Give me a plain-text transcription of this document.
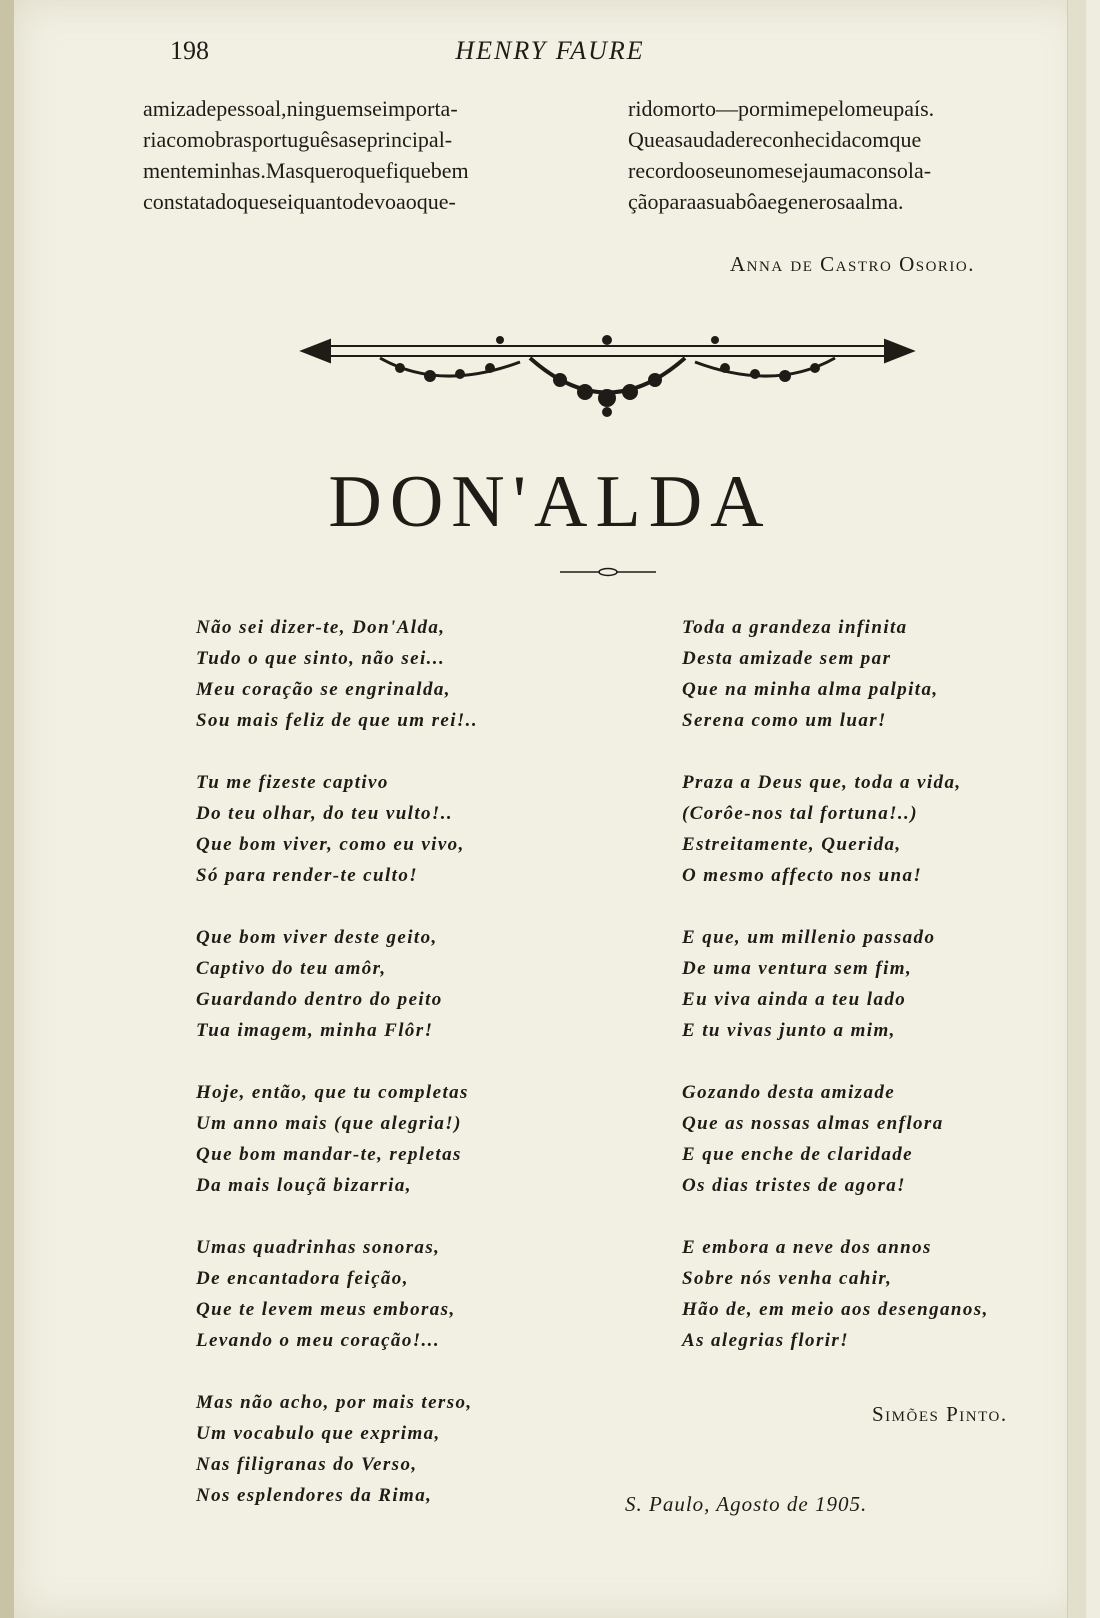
198	HENRY FAURE
amizadepessoal,ninguemseimporta-
riacomobrasportuguêsaseprincipal-
menteminhas.Masqueroquefiquebem
constatadoqueseiquantodevoaoque-
ridomorto—pormimepelomeupaís.
Queasaudadereconhecidacomque
recordooseunomesejaumaconsola-
çãoparaasuabôaegenerosaalma.
Anna de Castro Osorio.
DON'ALDA
Não sei dizer-te, Don'Alda,
Tudo o que sinto, não sei...
Meu coração se engrinalda,
Sou mais feliz de que um rei!..
Tu me fizeste captivo
Do teu olhar, do teu vulto!..
Que bom viver, como eu vivo,
Só para render-te culto!
Que bom viver deste geito,
Captivo do teu amôr,
Guardando dentro do peito
Tua imagem, minha Flôr!
Hoje, então, que tu completas
Um anno mais (que alegria!)
Que bom mandar-te, repletas
Da mais louçã bizarria,
Umas quadrinhas sonoras,
De encantadora feição,
Que te levem meus emboras,
Levando o meu coração!...
Mas não acho, por mais terso,
Um vocabulo que exprima,
Nas filigranas do Verso,
Nos esplendores da Rima,
Toda a grandeza infinita
Desta amizade sem par
Que na minha alma palpita,
Serena como um luar!
Praza a Deus que, toda a vida,
(Corôe-nos tal fortuna!..)
Estreitamente, Querida,
O mesmo affecto nos una!
E que, um millenio passado
De uma ventura sem fim,
Eu viva ainda a teu lado
E tu vivas junto a mim,
Gozando desta amizade
Que as nossas almas enflora
E que enche de claridade
Os dias tristes de agora!
E embora a neve dos annos
Sobre nós venha cahir,
Hão de, em meio aos desenganos,
As alegrias florir!
Simões Pinto.
S. Paulo, Agosto de 1905.
